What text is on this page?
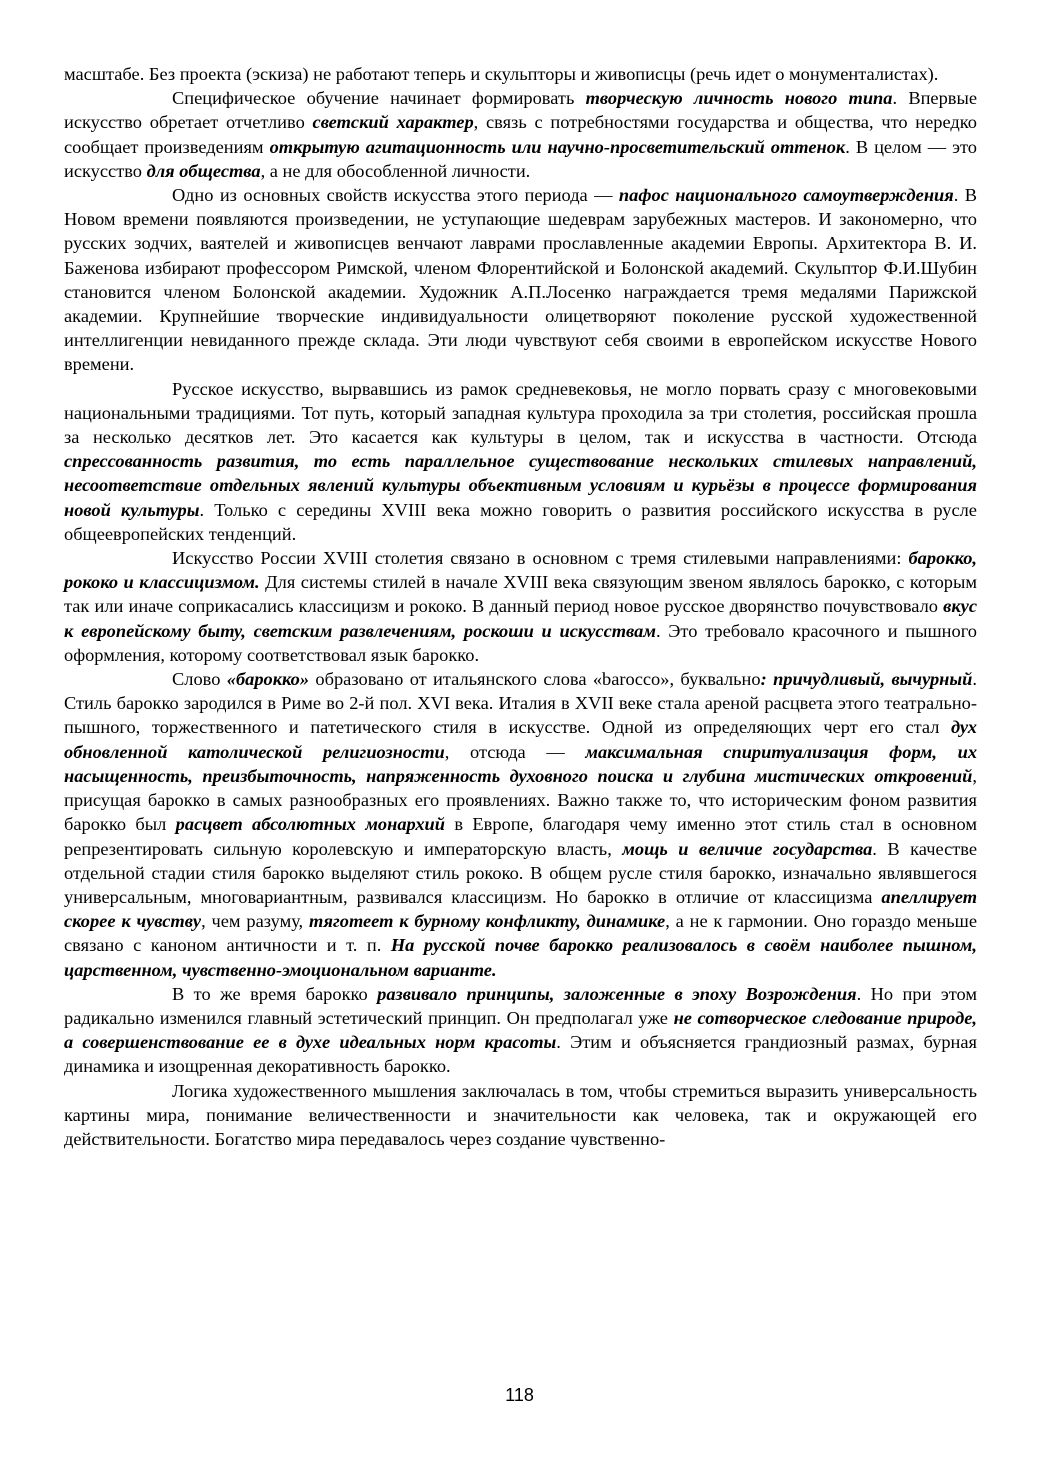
масштабе. Без проекта (эскиза) не работают теперь и скульпторы и живописцы (речь идет о монументалистах).

Специфическое обучение начинает формировать творческую личность нового типа. Впервые искусство обретает отчетливо светский характер, связь с потребностями государства и общества, что нередко сообщает произведениям открытую агитационность или научно-просветительский оттенок. В целом — это искусство для общества, а не для обособленной личности.

Одно из основных свойств искусства этого периода — пафос национального самоутверждения. В Новом времени появляются произведении, не уступающие шедеврам зарубежных мастеров. И закономерно, что русских зодчих, ваятелей и живописцев венчают лаврами прославленные академии Европы. Архитектора В. И. Баженова избирают профессором Римской, членом Флорентийской и Болонской академий. Скульптор Ф.И.Шубин становится членом Болонской академии. Художник А.П.Лосенко награждается тремя медалями Парижской академии. Крупнейшие творческие индивидуальности олицетворяют поколение русской художественной интеллигенции невиданного прежде склада. Эти люди чувствуют себя своими в европейском искусстве Нового времени.

Русское искусство, вырвавшись из рамок средневековья, не могло порвать сразу с многовековыми национальными традициями. Тот путь, который западная культура проходила за три столетия, российская прошла за несколько десятков лет. Это касается как культуры в целом, так и искусства в частности. Отсюда спрессованность развития, то есть параллельное существование нескольких стилевых направлений, несоответствие отдельных явлений культуры объективным условиям и курьёзы в процессе формирования новой культуры. Только с середины XVIII века можно говорить о развития российского искусства в русле общеевропейских тенденций.

Искусство России XVIII столетия связано в основном с тремя стилевыми направлениями: барокко, рококо и классицизмом. Для системы стилей в начале XVIII века связующим звеном являлось барокко, с которым так или иначе соприкасались классицизм и рококо. В данный период новое русское дворянство почувствовало вкус к европейскому быту, светским развлечениям, роскоши и искусствам. Это требовало красочного и пышного оформления, которому соответствовал язык барокко.

Слово «барокко» образовано от итальянского слова «barocco», буквально: причудливый, вычурный. Стиль барокко зародился в Риме во 2-й пол. XVI века. Италия в XVII веке стала ареной расцвета этого театрально-пышного, торжественного и патетического стиля в искусстве. Одной из определяющих черт его стал дух обновленной католической религиозности, отсюда — максимальная спиритуализация форм, их насыщенность, преизбыточность, напряженность духовного поиска и глубина мистических откровений, присущая барокко в самых разнообразных его проявлениях. Важно также то, что историческим фоном развития барокко был расцвет абсолютных монархий в Европе, благодаря чему именно этот стиль стал в основном репрезентировать сильную королевскую и императорскую власть, мощь и величие государства. В качестве отдельной стадии стиля барокко выделяют стиль рококо. В общем русле стиля барокко, изначально являвшегося универсальным, многовариантным, развивался классицизм. Но барокко в отличие от классицизма апеллирует скорее к чувству, чем разуму, тяготеет к бурному конфликту, динамике, а не к гармонии. Оно гораздо меньше связано с каноном античности и т. п. На русской почве барокко реализовалось в своём наиболее пышном, царственном, чувственно-эмоциональном варианте.

В то же время барокко развивало принципы, заложенные в эпоху Возрождения. Но при этом радикально изменился главный эстетический принцип. Он предполагал уже не сотворческое следование природе, а совершенствование ее в духе идеальных норм красоты. Этим и объясняется грандиозный размах, бурная динамика и изощренная декоративность барокко.

Логика художественного мышления заключалась в том, чтобы стремиться выразить универсальность картины мира, понимание величественности и значительности как человека, так и окружающей его действительности. Богатство мира передавалось через создание чувственно-

118
